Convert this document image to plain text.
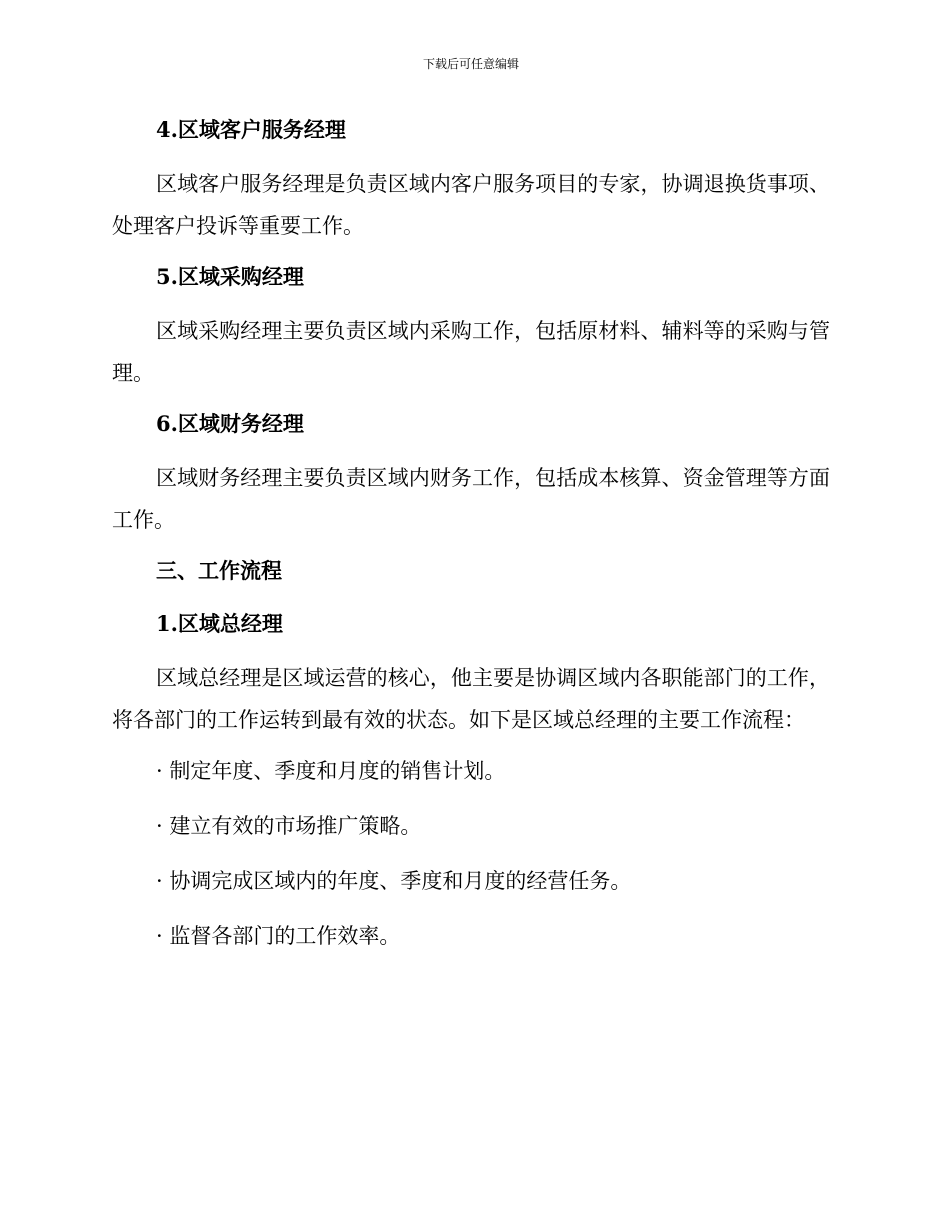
下载后可任意编辑
4.区域客户服务经理

区域客户服务经理是负责区域内客户服务项目的专家，协调退换货事项、处理客户投诉等重要工作。

5.区域采购经理

区域采购经理主要负责区域内采购工作，包括原材料、辅料等的采购与管理。

6.区域财务经理

区域财务经理主要负责区域内财务工作，包括成本核算、资金管理等方面工作。

三、工作流程
1.区域总经理

区域总经理是区域运营的核心，他主要是协调区域内各职能部门的工作，将各部门的工作运转到最有效的状态。如下是区域总经理的主要工作流程：

· 制定年度、季度和月度的销售计划。
· 建立有效的市场推广策略。
· 协调完成区域内的年度、季度和月度的经营任务。
· 监督各部门的工作效率。
